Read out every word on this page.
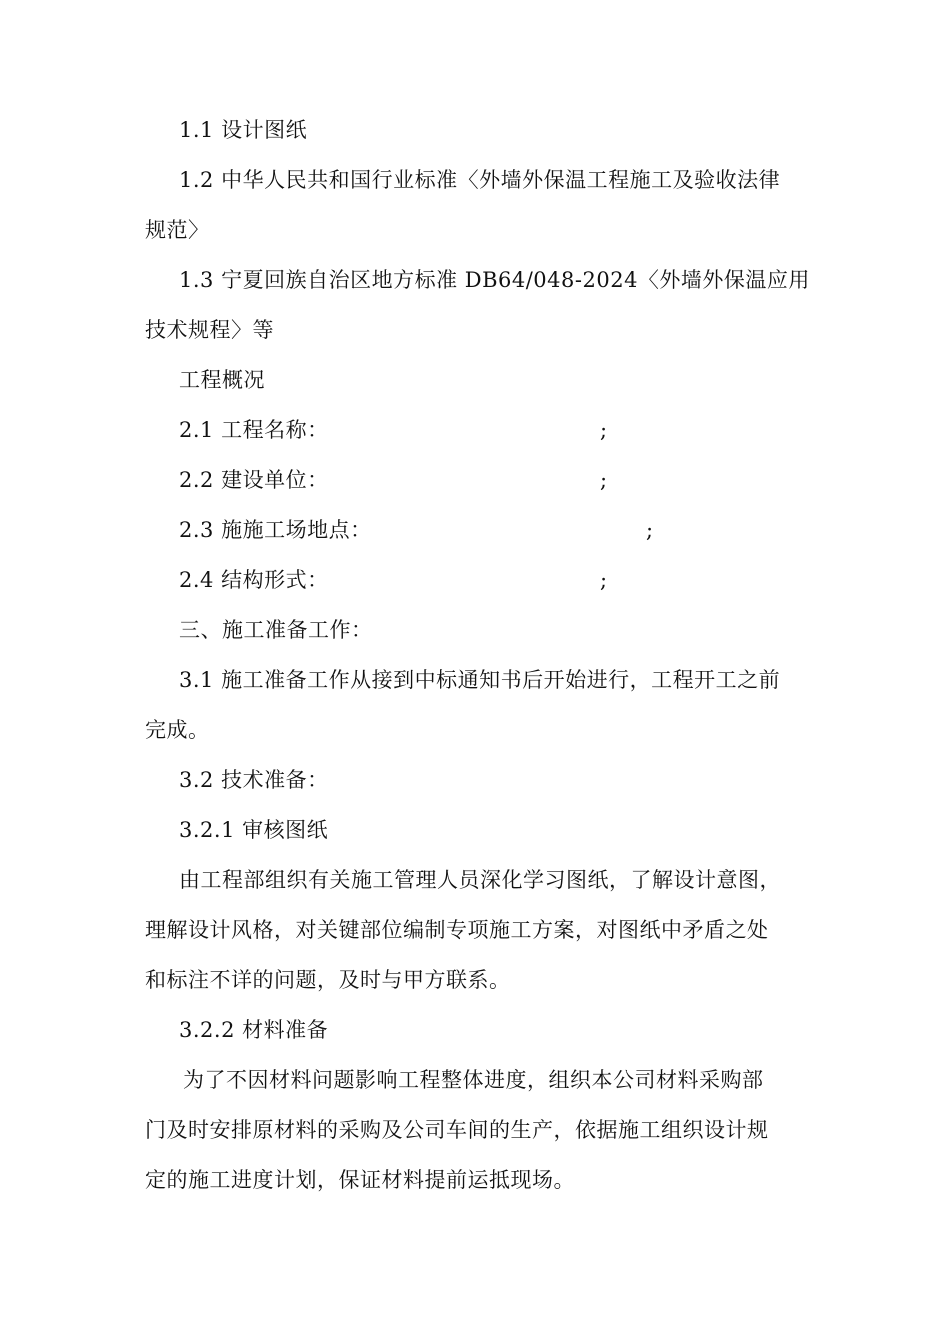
1.1 设计图纸
1.2 中华人民共和国行业标准〈外墙外保温工程施工及验收法律
规范〉
1.3 宁夏回族自治区地方标准 DB64/048-2024〈外墙外保温应用
技术规程〉等
工程概况
2.1 工程名称：	;
2.2 建设单位：	;
2.3 施施工场地点：	;
2.4 结构形式：	;
三、施工准备工作：
3.1 施工准备工作从接到中标通知书后开始进行，工程开工之前
完成。
3.2 技术准备：
3.2.1 审核图纸
由工程部组织有关施工管理人员深化学习图纸，了解设计意图，
理解设计风格，对关键部位编制专项施工方案，对图纸中矛盾之处
和标注不详的问题，及时与甲方联系。
3.2.2 材料准备
为了不因材料问题影响工程整体进度，组织本公司材料采购部
门及时安排原材料的采购及公司车间的生产，依据施工组织设计规
定的施工进度计划，保证材料提前运抵现场。
